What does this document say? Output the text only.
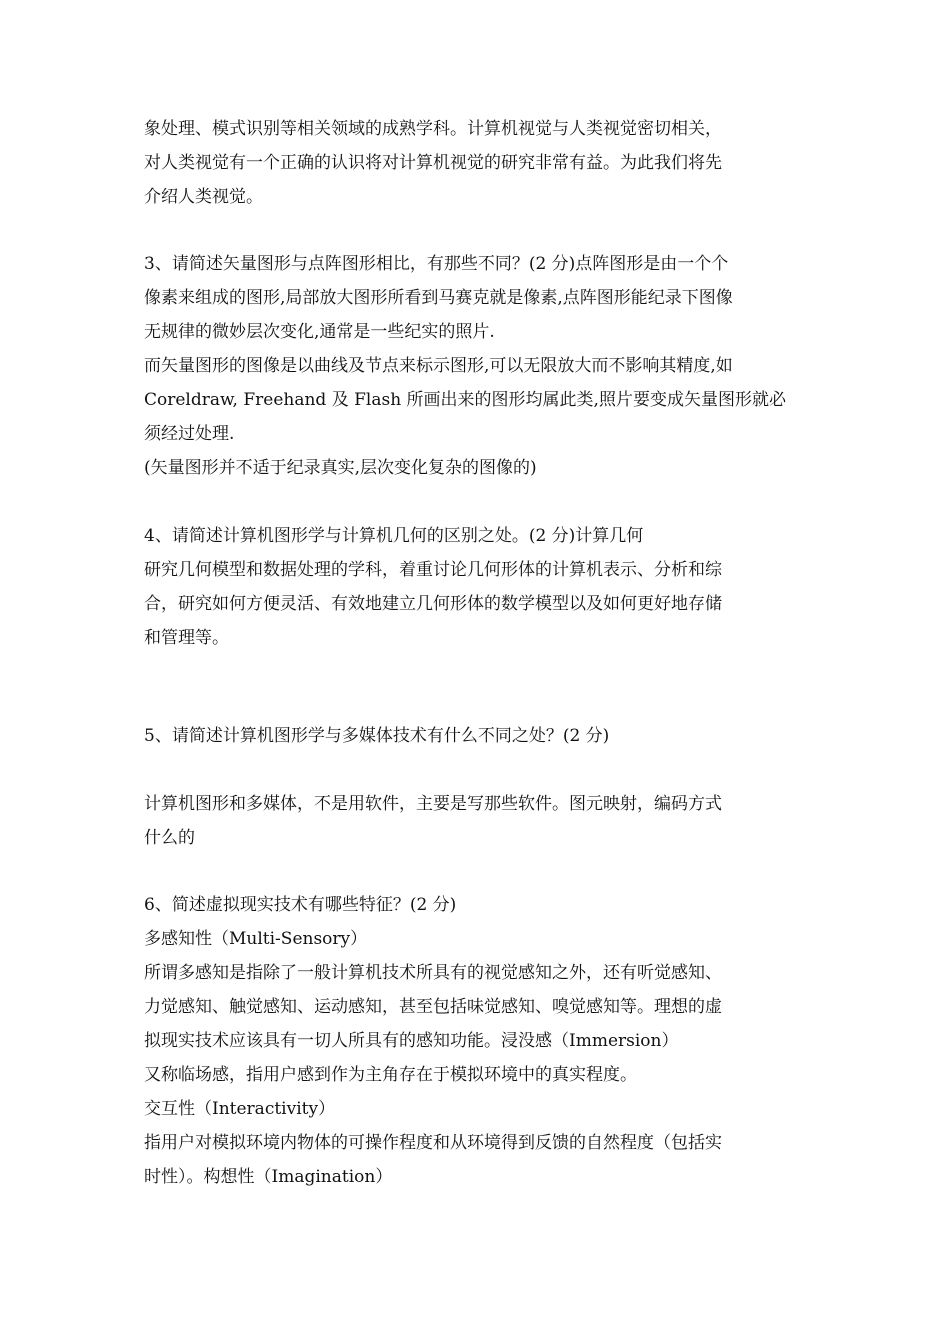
象处理、模式识别等相关领域的成熟学科。计算机视觉与人类视觉密切相关，
对人类视觉有一个正确的认识将对计算机视觉的研究非常有益。为此我们将先
介绍人类视觉。
3、请简述矢量图形与点阵图形相比，有那些不同？(2 分)点阵图形是由一个个
像素来组成的图形,局部放大图形所看到马赛克就是像素,点阵图形能纪录下图像
无规律的微妙层次变化,通常是一些纪实的照片.
而矢量图形的图像是以曲线及节点来标示图形,可以无限放大而不影响其精度,如
Coreldraw, Freehand 及 Flash 所画出来的图形均属此类,照片要变成矢量图形就必
须经过处理.
(矢量图形并不适于纪录真实,层次变化复杂的图像的)
4、请简述计算机图形学与计算机几何的区别之处。(2 分)计算几何
研究几何模型和数据处理的学科，着重讨论几何形体的计算机表示、分析和综
合，研究如何方便灵活、有效地建立几何形体的数学模型以及如何更好地存储
和管理等。
5、请简述计算机图形学与多媒体技术有什么不同之处？(2 分)
计算机图形和多媒体，不是用软件，主要是写那些软件。图元映射，编码方式
什么的
6、简述虚拟现实技术有哪些特征？(2 分)
多感知性（Multi-Sensory）
所谓多感知是指除了一般计算机技术所具有的视觉感知之外，还有听觉感知、
力觉感知、触觉感知、运动感知，甚至包括味觉感知、嗅觉感知等。理想的虚
拟现实技术应该具有一切人所具有的感知功能。浸没感（Immersion）
又称临场感，指用户感到作为主角存在于模拟环境中的真实程度。
交互性（Interactivity）
指用户对模拟环境内物体的可操作程度和从环境得到反馈的自然程度（包括实
时性）。构想性（Imagination）
